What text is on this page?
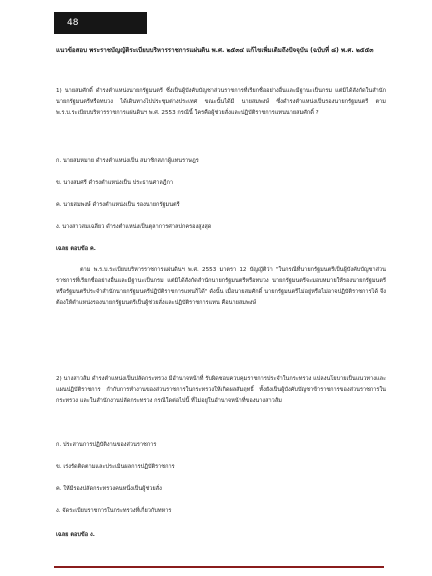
48

แนวข้อสอบ พระราชบัญญัติระเบียบบริหารราชการแผ่นดิน พ.ศ. ๒๕๓๔ แก้ไขเพิ่มเติมถึงปัจจุบัน (ฉบับที่ ๘) พ.ศ. ๒๕๕๓

1) นายสมศักดิ์ ดำรงตำแหน่งนายกรัฐมนตรี ซึ่งเป็นผู้บังคับบัญชาส่วนราชการที่เรียกชื่ออย่างอื่นและมีฐานะเป็นกรม แต่มิได้สังกัดในสำนักนายกรัฐมนตรีหรือทบวง ได้เดินทางไปประชุมต่างประเทศ ขณะนั้นได้มี นายสมพงษ์ ซึ่งดำรงตำแหน่งเป็นรองนายกรัฐมนตรี ตาม พ.ร.บ.ระเบียบบริหารราชการแผ่นดินฯ พ.ศ. 2553 กรณีนี้ ใครคือผู้ช่วยสั่งและปฏิบัติราชการแทนนายสมศักดิ์ ?

ก. นายสมหมาย ดำรงตำแหน่งเป็น สมาชิกสภาผู้แทนราษฎร

ข. นางสมศรี ดำรงตำแหน่งเป็น ประธานศาลฎีกา

ค. นายสมพงษ์ ดำรงตำแหน่งเป็น รองนายกรัฐมนตรี

ง. นางสาวสมเฉลียว ดำรงตำแหน่งเป็นตุลาการศาลปกครองสูงสุด

เฉลย ตอบข้อ ค.

ตาม พ.ร.บ.ระเบียบบริหารราชการแผ่นดินฯ พ.ศ. 2553 มาตรา 12 บัญญัติว่า "ในกรณีที่นายกรัฐมนตรีเป็นผู้บังคับบัญชาส่วนราชการที่เรียกชื่ออย่างอื่นและมีฐานะเป็นกรม แต่มิได้สังกัดสำนักนายกรัฐมนตรีหรือทบวง นายกรัฐมนตรีจะมอบหมายให้รองนายกรัฐมนตรี หรือรัฐมนตรีประจำสำนักนายกรัฐมนตรีปฏิบัติราชการแทนก็ได้" ดังนั้น เมื่อนายสมศักดิ์ นายกรัฐมนตรีไม่อยู่หรือไม่อาจปฏิบัติราชการได้ จึงต้องให้ตำแหน่งรองนายกรัฐมนตรีเป็นผู้ช่วยสั่งและปฏิบัติราชการแทน คือนายสมพงษ์

2) นางสาวส้ม ดำรงตำแหน่งเป็นปลัดกระทรวง มีอำนาจหน้าที่ รับผิดชอบควบคุมราชการประจำในกระทรวง แปลงนโยบายเป็นแนวทางและแผนปฏิบัติราชการ กำกับการทำงานของส่วนราชการในกระทรวงให้เกิดผลสัมฤทธิ์ ทั้งยังเป็นผู้บังคับบัญชาข้าราชการของส่วนราชการในกระทรวง และในสำนักงานปลัดกระทรวง กรณีใดต่อไปนี้ ที่ไม่อยู่ในอำนาจหน้าที่ของนางสาวส้ม

ก. ประสานการปฏิบัติงานของส่วนราชการ

ข. เร่งรัดติดตามและประเมินผลการปฏิบัติราชการ

ค. ให้มีรองปลัดกระทรวงคนหนึ่งเป็นผู้ช่วยสั่ง

ง. จัดระเบียบราชการในกระทรวงที่เกี่ยวกับทหาร

เฉลย ตอบข้อ ง.
